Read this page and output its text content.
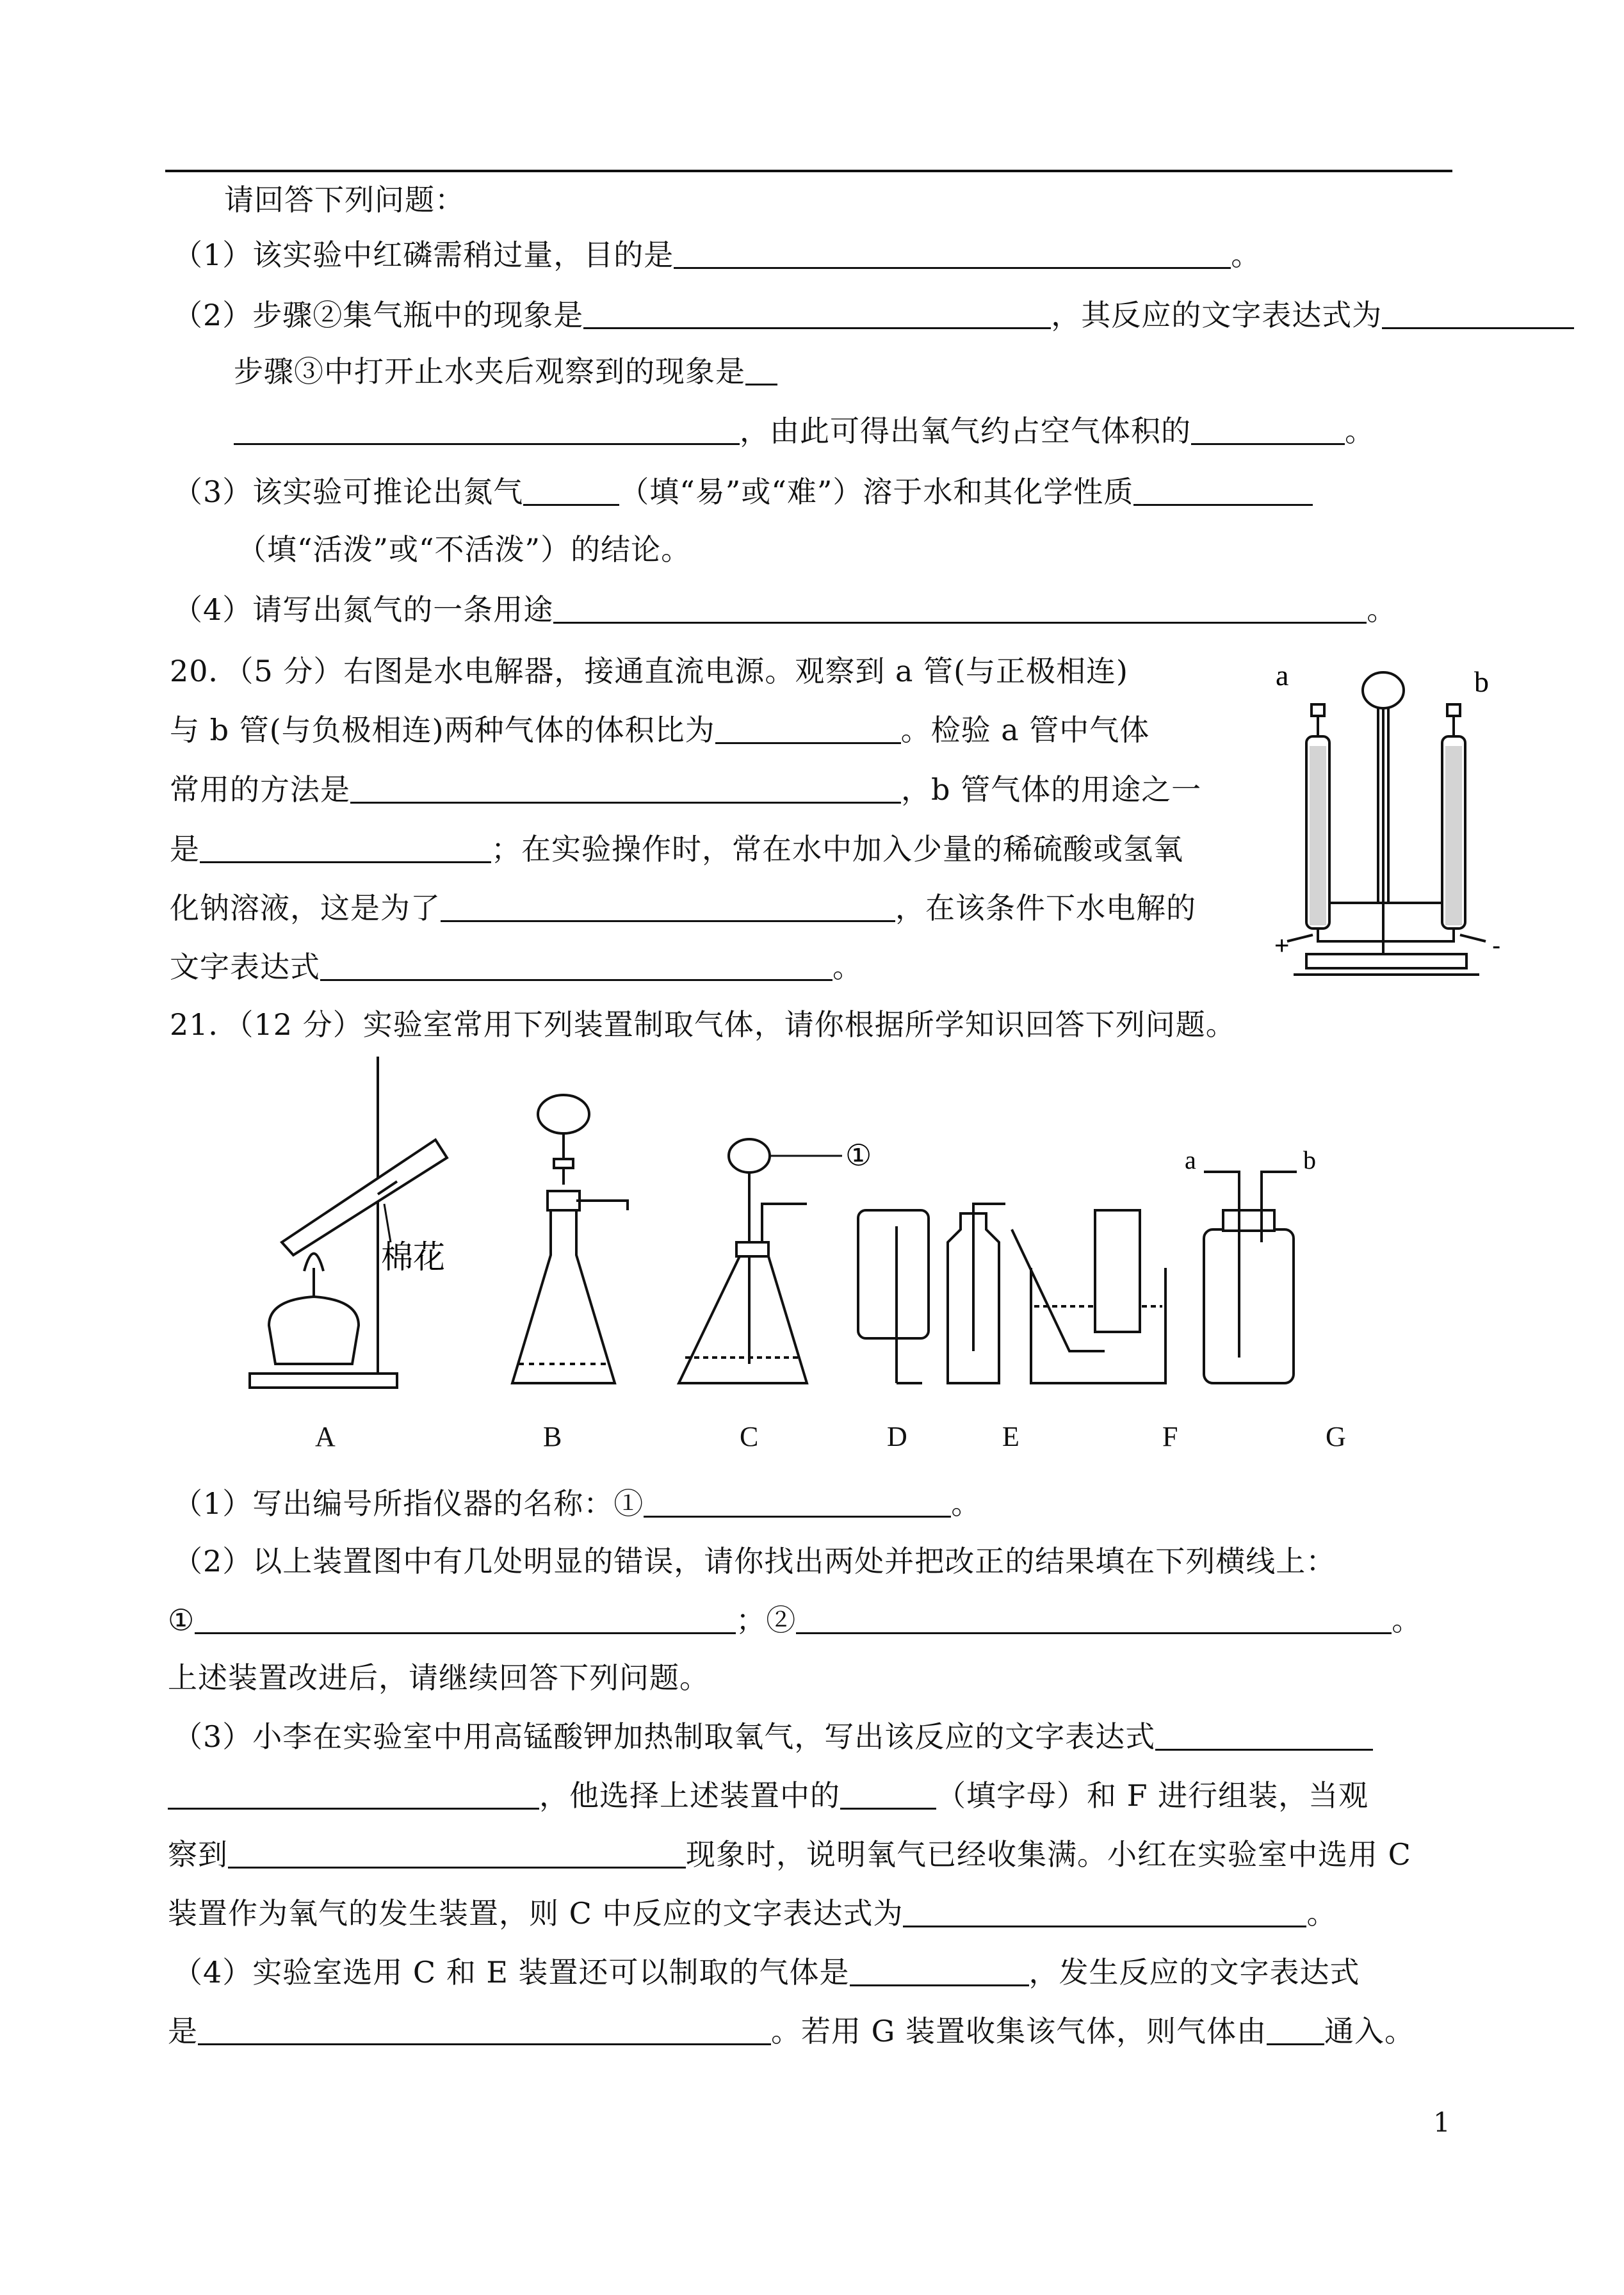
请回答下列问题：
（1）该实验中红磷需稍过量，目的是	。
（2）步骤②集气瓶中的现象是	，其反应的文字表达式为
步骤③中打开止水夹后观察到的现象是
，由此可得出氧气约占空气体积的	。
（3）该实验可推论出氮气	（填“易”或“难”）溶于水和其化学性质
（填“活泼”或“不活泼”）的结论。
（4）请写出氮气的一条用途	。
20．（5 分）右图是水电解器，接通直流电源。观察到 a 管(与正极相连)
与 b 管(与负极相连)两种气体的体积比为	。检验 a 管中气体
常用的方法是	，b 管气体的用途之一
是	；在实验操作时，常在水中加入少量的稀硫酸或氢氧
化钠溶液，这是为了	，在该条件下水电解的
文字表达式	。
a	b
+	-
21．（12 分）实验室常用下列装置制取气体，请你根据所学知识回答下列问题。
棉花
①	a	b
A	B	C	D	E	F	G
（1）写出编号所指仪器的名称：①	。
（2）以上装置图中有几处明显的错误，请你找出两处并把改正的结果填在下列横线上：
①	；②	。
上述装置改进后，请继续回答下列问题。
（3）小李在实验室中用高锰酸钾加热制取氧气，写出该反应的文字表达式
，他选择上述装置中的	（填字母）和 F 进行组装，当观
察到	现象时，说明氧气已经收集满。小红在实验室中选用 C
装置作为氧气的发生装置，则 C 中反应的文字表达式为	。
（4）实验室选用 C 和 E 装置还可以制取的气体是	，发生反应的文字表达式
是	。若用 G 装置收集该气体，则气体由 通入。
1
